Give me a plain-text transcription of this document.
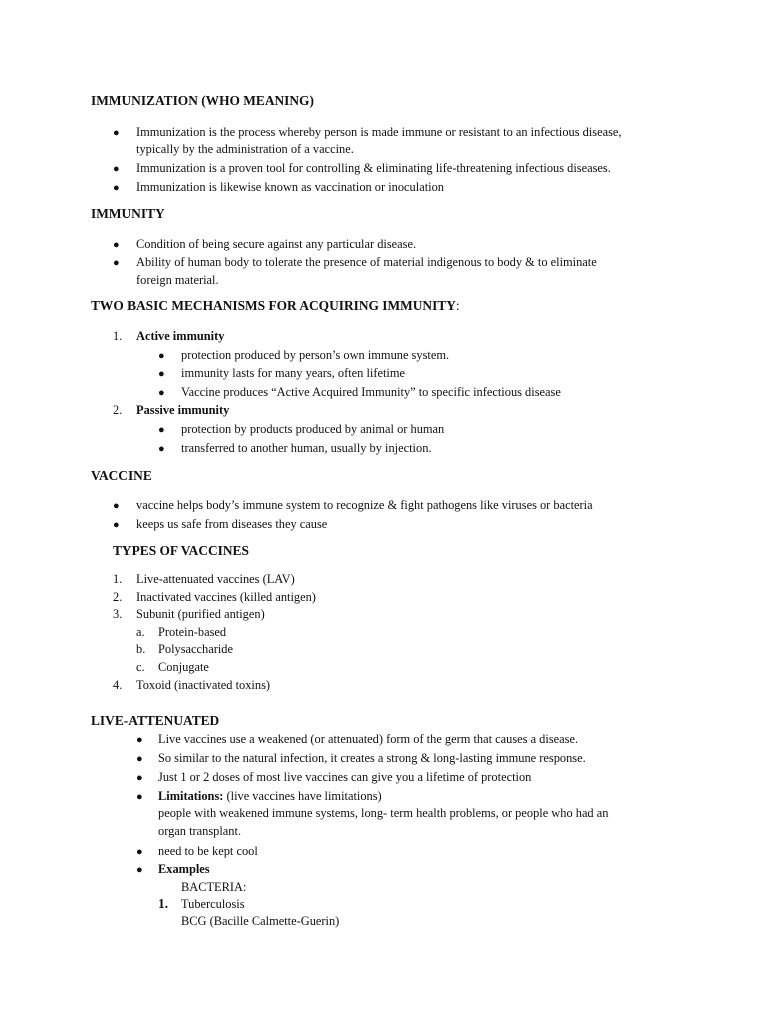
IMMUNIZATION (WHO MEANING)
● Immunization is the process whereby person is made immune or resistant to an infectious disease,
typically by the administration of a vaccine.
● Immunization is a proven tool for controlling & eliminating life-threatening infectious diseases.
● Immunization is likewise known as vaccination or inoculation
IMMUNITY
● Condition of being secure against any particular disease.
● Ability of human body to tolerate the presence of material indigenous to body & to eliminate
foreign material.
TWO BASIC MECHANISMS FOR ACQUIRING IMMUNITY:
1. Active immunity
● protection produced by person’s own immune system.
● immunity lasts for many years, often lifetime
● Vaccine produces “Active Acquired Immunity” to specific infectious disease
2. Passive immunity
● protection by products produced by animal or human
● transferred to another human, usually by injection.
VACCINE
● vaccine helps body’s immune system to recognize & fight pathogens like viruses or bacteria
● keeps us safe from diseases they cause
TYPES OF VACCINES
1. Live-attenuated vaccines (LAV)
2. Inactivated vaccines (killed antigen)
3. Subunit (purified antigen)
a. Protein-based
b. Polysaccharide
c. Conjugate
4. Toxoid (inactivated toxins)
LIVE-ATTENUATED
● Live vaccines use a weakened (or attenuated) form of the germ that causes a disease.
● So similar to the natural infection, it creates a strong & long-lasting immune response.
● Just 1 or 2 doses of most live vaccines can give you a lifetime of protection
● Limitations: (live vaccines have limitations)
people with weakened immune systems, long- term health problems, or people who had an
organ transplant.
● need to be kept cool
● Examples
BACTERIA:
1. Tuberculosis
BCG (Bacille Calmette-Guerin)
